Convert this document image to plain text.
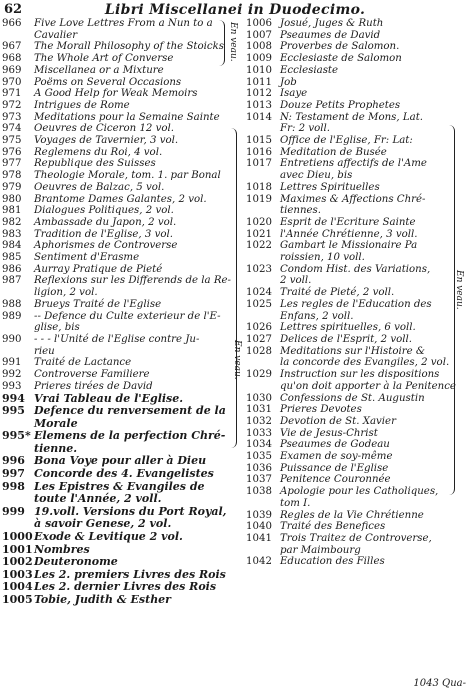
62	Libri Miscellanei in Duodecimo.
966	Five Love Lettres From a Nun to a
Cavalier
967	The Morall Philosophy of the Stoicks
968	The Whole Art of Converse
969	Miscellanea or a Mixture
970	Poëms on Several Occasions
971	A Good Help for Weak Memoirs
972	Intrigues de Rome
973	Meditations pour la Semaine Sainte
974	Oeuvres de Ciceron 12 vol.
975	Voyages de Tavernier, 3 vol.
976	Reglemens du Roi, 4 vol.
977	Republique des Suisses
978	Theologie Morale, tom. 1. par Bonal
979	Oeuvres de Balzac, 5 vol.
980	Brantome Dames Galantes, 2 vol.
981	Dialogues Politiques, 2 vol.
982	Ambassade du Japon, 2 vol.
983	Tradition de l'Eglise, 3 vol.
984	Aphorismes de Controverse
985	Sentiment d'Erasme
986	Aurray Pratique de Pieté
987	Reflexions sur les Differends de la Re-
ligion, 2 vol.
988	Brueys Traité de l'Eglise
989	-- Defence du Culte exterieur de l'E-
glise, bis
990	- - - l'Unité de l'Eglise contre Ju-
rieu
991	Traité de Lactance
992	Controverse Familiere
993	Prieres tirées de David
994 Vrai Tableau de l'Eglise.
995 Defence du renversement de la
Morale
995* Elemens de la perfection Chré-
tienne.
996 Bona Voye pour aller à Dieu
997 Concorde des 4. Evangelistes
998 Les Epistres & Evangiles de
toute l'Année, 2 voll.
999 19.voll. Versions du Port Royal,
à savoir Genese, 2 vol.
1000 Exode & Levitique 2 vol.
1001 Nombres
1002 Deuteronome
1003 Les 2. premiers Livres des Rois
1004 Les 2. dernier Livres des Rois
1005 Tobie, Judith & Esther
1006 Josué, Juges & Ruth
1007 Pseaumes de David
1008 Proverbes de Salomon.
1009 Ecclesiaste de Salomon
1010 Ecclesiaste
1011 Job
1012 Isaye
1013 Douze Petits Prophetes
1014 N: Testament de Mons, Lat.
Fr: 2 voll.
1015 Office de l'Eglise, Fr: Lat:
1016 Meditation de Busée
1017 Entretiens affectifs de l'Ame
avec Dieu, bis
1018 Lettres Spirituelles
1019 Maximes & Affections Chré-
tiennes.
1020 Esprit de l'Ecriture Sainte
1021 l'Année Chrétienne, 3 voll.
1022 Gambart le Missionaire Pa
roissien, 10 voll.
1023 Condom Hist. des Variations,
2 voll.
1024 Traité de Pieté, 2 voll.
1025 Les regles de l'Education des
Enfans, 2 voll.
1026 Lettres spirituelles, 6 voll.
1027 Delices de l'Esprit, 2 voll.
1028 Meditations sur l'Histoire &
la concorde des Evangiles, 2 vol.
1029 Instruction sur les dispositions
qu'on doit apporter à la Penitence
1030 Confessions de St. Augustin
1031 Prieres Devotes
1032 Devotion de St. Xavier
1033 Vie de Jesus-Christ
1034 Pseaumes de Godeau
1035 Examen de soy-même
1036 Puissance de l'Eglise
1037 Penitence Couronnée
1038 Apologie pour les Catholiques,
tom I.
1039 Regles de la Vie Chrétienne
1040 Traité des Benefices
1041 Trois Traitez de Controverse,
par Maimbourg
1042 Education des Filles
En veau.
En veau.
En veau.
1043 Qua-
